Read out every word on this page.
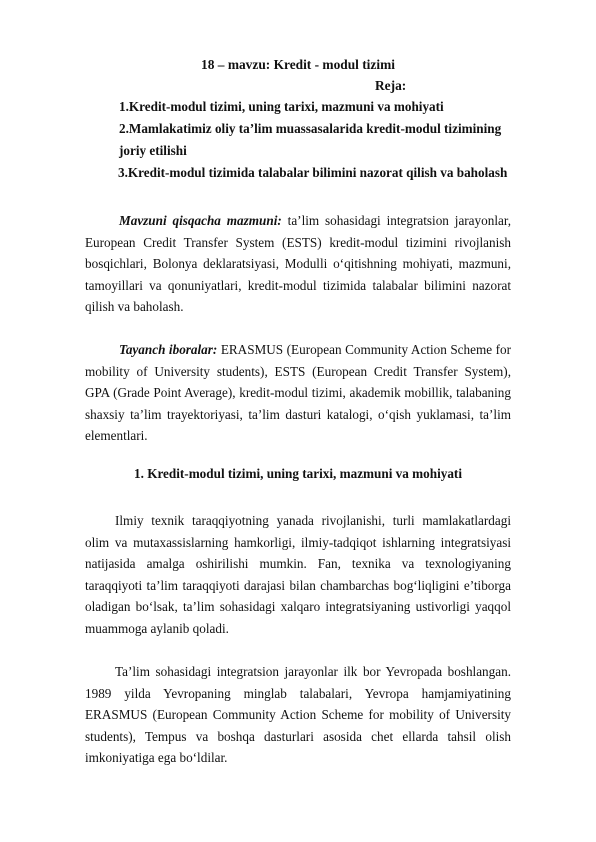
18 – mavzu: Kredit - modul tizimi
Reja:
1.Kredit-modul tizimi, uning tarixi, mazmuni va mohiyati
2.Mamlakatimiz oliy ta’lim muassasalarida kredit-modul tizimining
joriy etilishi
3.Kredit-modul tizimida talabalar bilimini nazorat qilish va baholash

Mavzuni qisqacha mazmuni: ta’lim sohasidagi integratsion jarayonlar, European Credit Transfer System (ESTS) kredit-modul tizimini rivojlanish bosqichlari, Bolonya deklaratsiyasi, Modulli o‘qitishning mohiyati, mazmuni, tamoyillari va qonuniyatlari, kredit-modul tizimida talabalar bilimini nazorat qilish va baholash.

Tayanch iboralar: ERASMUS (European Community Action Scheme for mobility of University students), ESTS (European Credit Transfer System), GPA (Grade Point Average), kredit-modul tizimi, akademik mobillik, talabaning shaxsiy ta’lim trayektoriyasi, ta’lim dasturi katalogi, o‘qish yuklamasi, ta’lim elementlari.

1. Kredit-modul tizimi, uning tarixi, mazmuni va mohiyati

Ilmiy texnik taraqqiyotning yanada rivojlanishi, turli mamlakatlardagi olim va mutaxassislarning hamkorligi, ilmiy-tadqiqot ishlarning integratsiyasi natijasida amalga oshirilishi mumkin. Fan, texnika va texnologiyaning taraqqiyoti ta’lim taraqqiyoti darajasi bilan chambarchas bog‘liqligini e’tiborga oladigan bo‘lsak, ta’lim sohasidagi xalqaro integratsiyaning ustivorligi yaqqol muammoga aylanib qoladi.

Ta’lim sohasidagi integratsion jarayonlar ilk bor Yevropada boshlangan. 1989 yilda Yevropaning minglab talabalari, Yevropa hamjamiyatining ERASMUS (European Community Action Scheme for mobility of University students), Tempus va boshqa dasturlari asosida chet ellarda tahsil olish imkoniyatiga ega bo‘ldilar.
